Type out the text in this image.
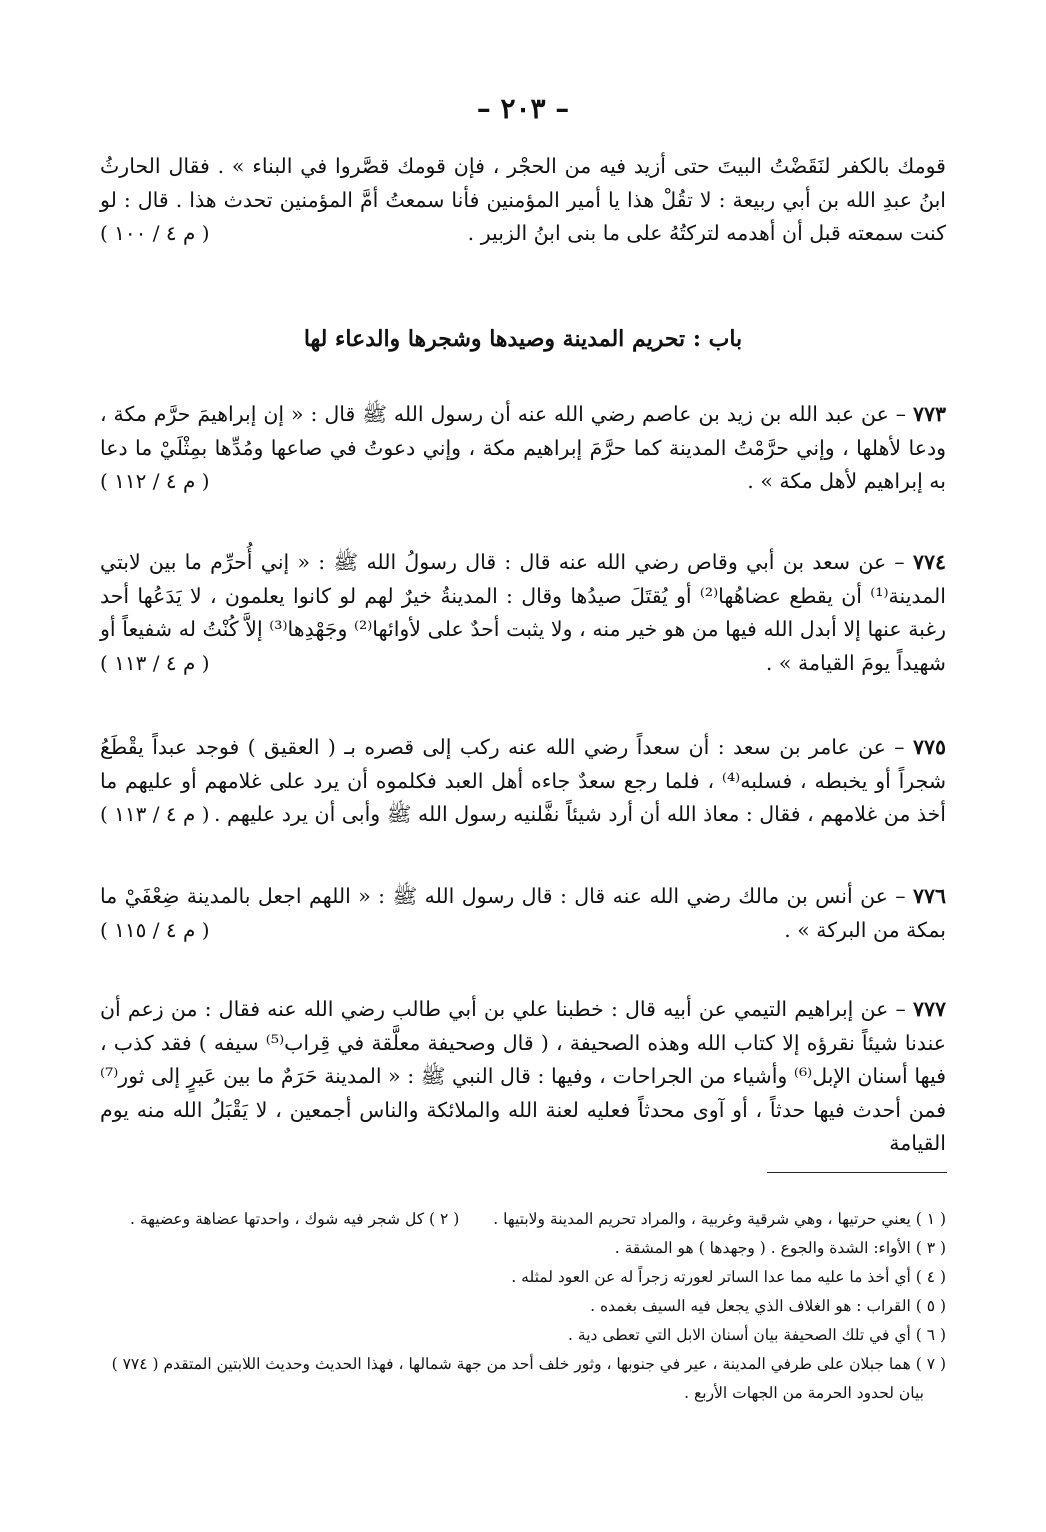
– ٢٠٣ –

قومك بالكفر لنَقَضْتُ البيتَ حتى أزيد فيه من الحجْر ، فإن قومك قصَّروا في البناء » . فقال الحارثُ ابنُ عبدِ الله بن أبي ربيعة : لا تقُلْ هذا يا أمير المؤمنين فأنا سمعتُ أمَّ المؤمنين تحدث هذا . قال : لو كنت سمعته قبل أن أهدمه لتركتُهُ على ما بنى ابنُ الزبير .
( م ٤ / ١٠٠ )

باب : تحريم المدينة وصيدها وشجرها والدعاء لها

٧٧٣ – عن عبد الله بن زيد بن عاصم رضي الله عنه أن رسول الله ﷺ قال : « إن إبراهيمَ حرَّم مكة ، ودعا لأهلها ، وإني حرَّمْتُ المدينة كما حرَّمَ إبراهيم مكة ، وإني دعوتُ في صاعها ومُدِّها بمِثْلَيْ ما دعا به إبراهيم لأهل مكة » .
( م ٤ / ١١٢ )

٧٧٤ – عن سعد بن أبي وقاص رضي الله عنه قال : قال رسولُ الله ﷺ : « إني أُحرِّم ما بين لابتي المدينة⁽¹⁾ أن يقطع عضاهُها⁽²⁾ أو يُقتَلَ صيدُها وقال : المدينةُ خيرٌ لهم لو كانوا يعلمون ، لا يَدَعُها أحد رغبة عنها إلا أبدل الله فيها من هو خير منه ، ولا يثبت أحدٌ على لأوائها⁽²⁾ وجَهْدِها⁽³⁾ إلاَّ كُنْتُ له شفيعاً أو شهيداً يومَ القيامة » .
( م ٤ / ١١٣ )

٧٧٥ – عن عامر بن سعد : أن سعداً رضي الله عنه ركب إلى قصره بـ ( العقيق ) فوجد عبداً يقْطَعُ شجراً أو يخبطه ، فسلبه⁽⁴⁾ ، فلما رجع سعدٌ جاءه أهل العبد فكلموه أن يرد على غلامهم أو عليهم ما أخذ من غلامهم ، فقال : معاذ الله أن أرد شيئاً نفَّلنيه رسول الله ﷺ وأبى أن يرد عليهم .
( م ٤ / ١١٣ )

٧٧٦ – عن أنس بن مالك رضي الله عنه قال : قال رسول الله ﷺ : « اللهم اجعل بالمدينة ضِعْفَيْ ما بمكة من البركة » .
( م ٤ / ١١٥ )

٧٧٧ – عن إبراهيم التيمي عن أبيه قال : خطبنا علي بن أبي طالب رضي الله عنه فقال : من زعم أن عندنا شيئاً نقرؤه إلا كتاب الله وهذه الصحيفة ، ( قال وصحيفة معلَّقة في قِراب⁽⁵⁾ سيفه ) فقد كذب ، فيها أسنان الإبل⁽⁶⁾ وأشياء من الجراحات ، وفيها : قال النبي ﷺ : « المدينة حَرَمٌ ما بين عَيرٍ إلى ثور⁽⁷⁾ فمن أحدث فيها حدثاً ، أو آوى محدثاً فعليه لعنة الله والملائكة والناس أجمعين ، لا يَقْبَلُ الله منه يوم القيامة

( ١ ) يعني حرتيها ، وهي شرقية وغربية ، والمراد تحريم المدينة ولابتيها .
( ٢ ) كل شجر فيه شوك ، واحدتها عضاهة وعضيهة .
( ٣ ) الأواء: الشدة والجوع . ( وجهدها ) هو المشقة .
( ٤ ) أي أخذ ما عليه مما عدا الساتر لعورته زجراً له عن العود لمثله .
( ٥ ) القراب : هو الغلاف الذي يجعل فيه السيف بغمده .
( ٦ ) أي في تلك الصحيفة بيان أسنان الابل التي تعطى دية .
( ٧ ) هما جبلان على طرفي المدينة ، عير في جنوبها ، وثور خلف أحد من جهة شمالها ، فهذا الحديث وحديث اللابتين المتقدم ( ٧٧٤ )
بيان لحدود الحرمة من الجهات الأربع .
